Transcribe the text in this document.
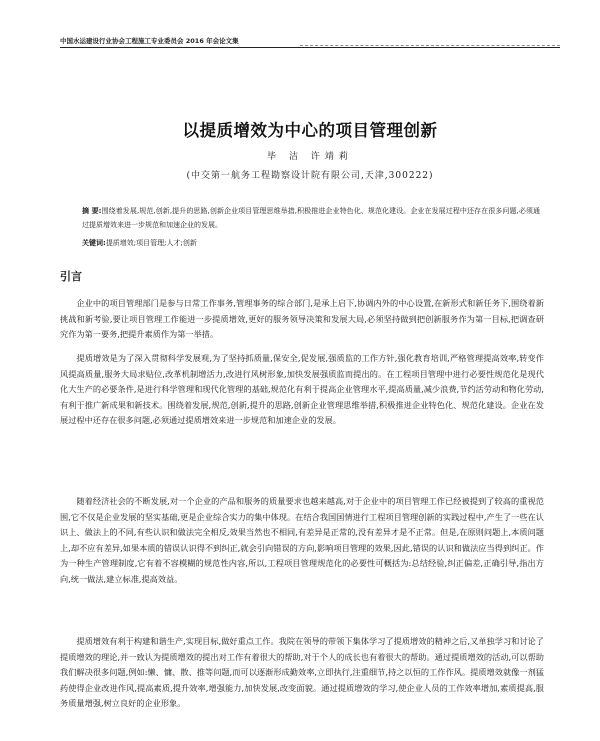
中国水运建设行业协会工程施工专业委员会 2016 年会论文集
以提质增效为中心的项目管理创新
毕 洁 许靖莉
(中交第一航务工程勘察设计院有限公司,天津,300222)
摘 要:围绕着发展,规范,创新,提升的思路,创新企业项目管理思维举措,积极推进企业特色化、规范化建设。企业在发展过程中还存在很多问题,必须通过提质增效来进一步规范和加速企业的发展。
关键词:提质增效;项目管理;人才;创新
引言

企业中的项目管理部门是参与日常工作事务,管理事务的综合部门,是承上启下,协调内外的中心设置,在新形式和新任务下,围绕着新挑战和新考验,要让项目管理工作能进一步提质增效,更好的服务领导决策和发展大局,必须坚持做到把创新服务作为第一目标,把调查研究作为第一要务,把提升素质作为第一举措。

提质增效是为了深入贯彻科学发展观,为了坚持抓质量,保安全,促发展,强质监的工作方针,强化教育培训,严格管理提高效率,转变作风提高质量,服务大局求贴位,改革机制增活力,改进行风树形象,加快发展强质监而提出的。在工程项目管理中进行必要性规范化是现代化大生产的必要条件,是进行科学管理和现代化管理的基础,规范化有利于提高企业管理水平,提高质量,减少浪费,节约活劳动和物化劳动,有利于推广新成果和新技术。围绕着发展,规范,创新,提升的思路,创新企业管理思维举措,积极推进企业特色化、规范化建设。企业在发展过程中还存在很多问题,必须通过提质增效来进一步规范和加速企业的发展。

随着经济社会的不断发展,对一个企业的产品和服务的质量要求也越来越高,对于企业中的项目管理工作已经被提到了较高的重视范围,它不仅是企业发展的坚实基础,更是企业综合实力的集中体现。在结合我国国情进行工程项目管理创新的实践过程中,产生了一些在认识上、做法上的不同,有些认识和做法完全相反,效果当然也不相同,有差异是正常的,没有差异才是不正常。但是,在原则问题上,本质问题上,却不应有差异,如果本质的错误认识得不到纠正,就会引向错误的方向,影响项目管理的效果,因此,错误的认识和做法应当得到纠正。作为一种生产管理制度,它有着不容模糊的规范性内容,所以,工程项目管理规范化的必要性可概括为:总结经验,纠正偏差,正确引导,指出方向,统一做法,建立标准,提高效益。

提质增效有利于构建和谐生产,实现目标,做好重点工作。我院在领导的带领下集体学习了提质增效的精神之后,又单独学习和讨论了提质增效的理论,并一致认为提质增效的提出对工作有着很大的帮助,对于个人的成长也有着很大的帮助。通过提质增效的活动,可以帮助我们解决很多问题,例如:懒、慵、散、推等问题,而可以逐渐形成勤效率,立即执行,注重细节,持之以恒的工作作风。提质增效就像一剂猛药使得企业改进作风,提高素质,提升效率,增强能力,加快发展,改变面貌。通过提质增效的学习,使企业人员的工作效率增加,素质提高,服务质量增强,树立良好的企业形象。
